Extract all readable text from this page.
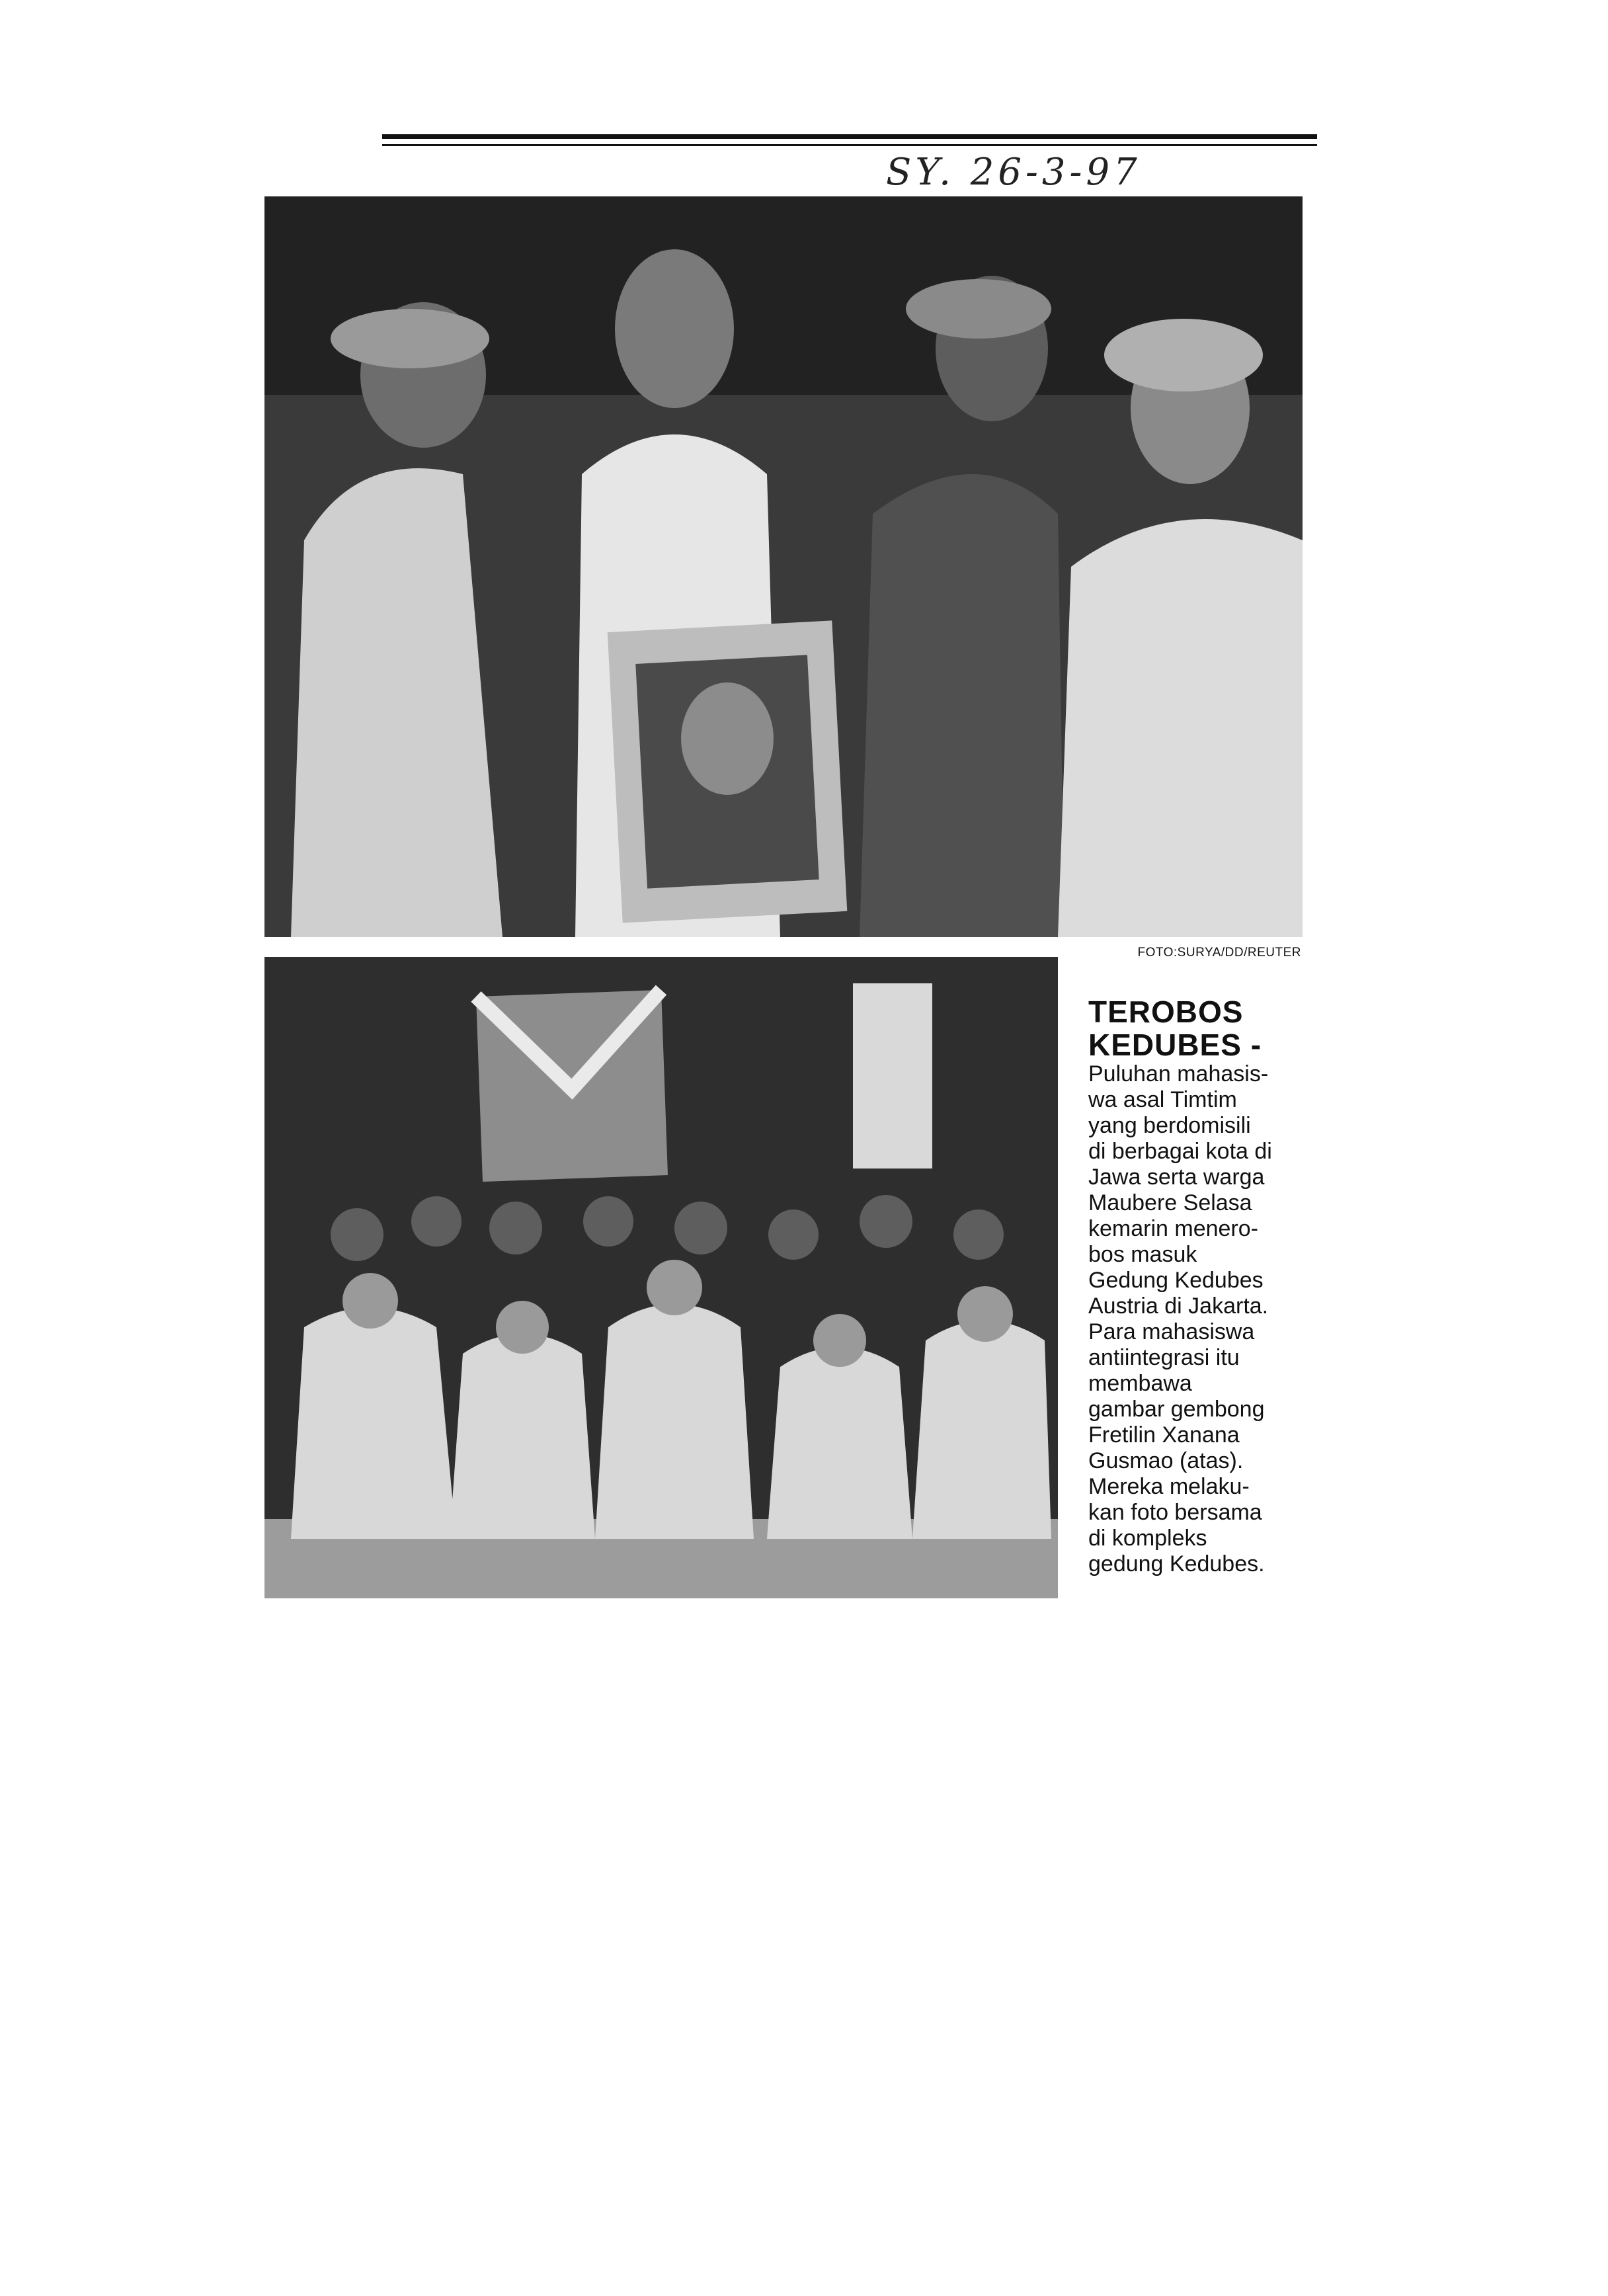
SY. 26-3-97
FOTO:SURYA/DD/REUTER
TEROBOS
KEDUBES -
Puluhan mahasis-
wa asal Timtim
yang berdomisili
di berbagai kota di
Jawa serta warga
Maubere Selasa
kemarin menero-
bos masuk
Gedung Kedubes
Austria di Jakarta.
Para mahasiswa
antiintegrasi itu
membawa
gambar gembong
Fretilin Xanana
Gusmao (atas).
Mereka melaku-
kan foto bersama
di kompleks
gedung Kedubes.
